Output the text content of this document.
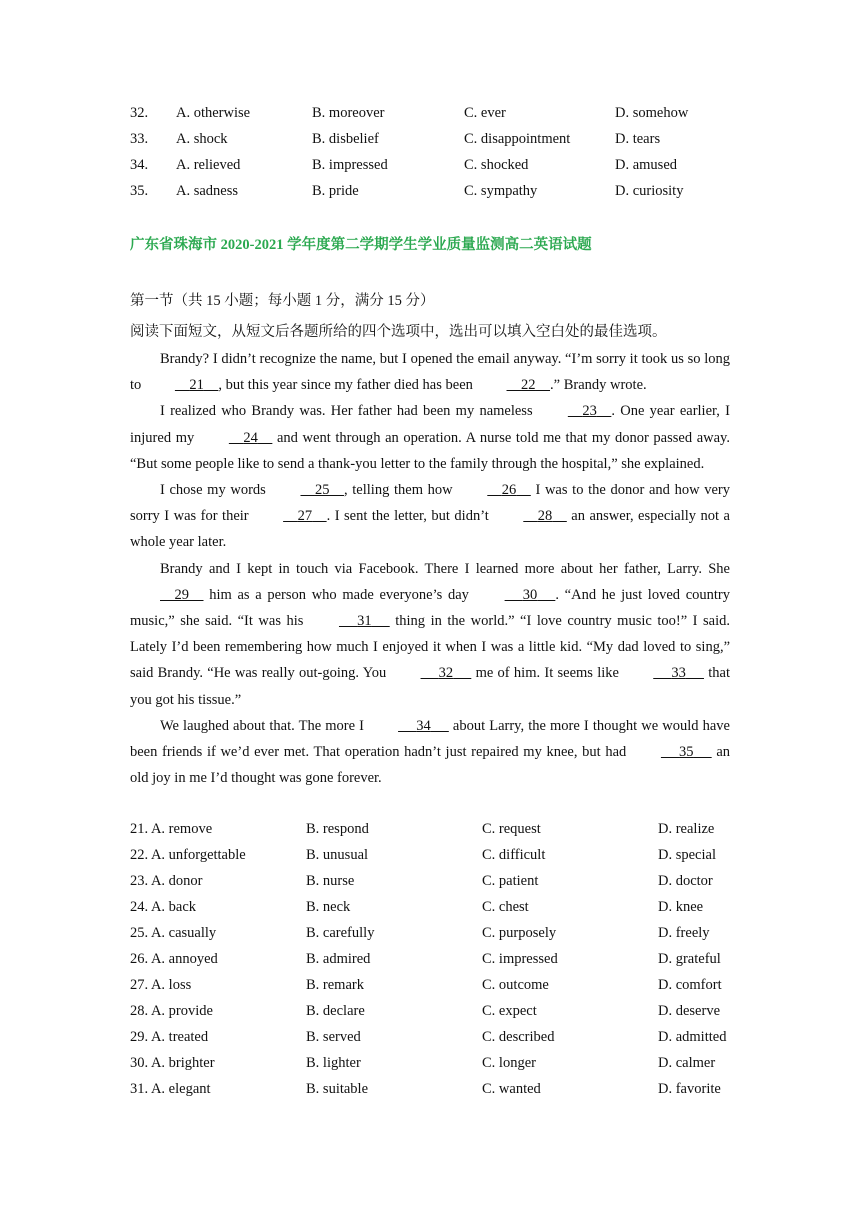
32. A. otherwise	B. moreover	C. ever	D. somehow
33. A. shock	B. disbelief	C. disappointment	D. tears
34. A. relieved	B. impressed	C. shocked	D. amused
35. A. sadness	B. pride	C. sympathy	D. curiosity
广东省珠海市 2020-2021 学年度第二学期学生学业质量监测高二英语试题
第一节（共 15 小题；每小题 1 分，满分 15 分）
阅读下面短文，从短文后各题所给的四个选项中，选出可以填入空白处的最佳选项。

Brandy? I didn’t recognize the name, but I opened the email anyway. “I’m sorry it took us so long to	21 , but this year since my father died has been	22 .” Brandy wrote.

I realized who Brandy was. Her father had been my nameless	23 . One year earlier, I injured my	24     and went through an operation. A nurse told me that my donor passed away. “But some people like to send a thank-you letter to the family through the hospital,” she explained.

I chose my words	25 , telling them how	26     I was to the donor and how very sorry I was for their	27 . I sent the letter, but didn’t	28     an answer, especially not a whole year later.

Brandy and I kept in touch via Facebook. There I learned more about her father, Larry. She     29     him as a person who made everyone’s day	30 . “And he just loved country music,” she said. “It was his	31      thing in the world.” “I love country music too!” I said. Lately I’d been remembering how much I enjoyed it when I was a little kid. “My dad loved to sing,” said Brandy. “He was really out-going. You	32      me of him. It seems like	33      that you got his tissue.”

We laughed about that. The more I	34      about Larry, the more I thought we would have been friends if we’d ever met. That operation hadn’t just repaired my knee, but had	35      an old joy in me I’d thought was gone forever.

21. A. remove	B. respond	C. request	D. realize
22. A. unforgettable	B. unusual	C. difficult	D. special
23. A. donor	B. nurse	C. patient	D. doctor
24. A. back	B. neck	C. chest	D. knee
25. A. casually	B. carefully	C. purposely	D. freely
26. A. annoyed	B. admired	C. impressed	D. grateful
27. A. loss	B. remark	C. outcome	D. comfort
28. A. provide	B. declare	C. expect	D. deserve
29. A. treated	B. served	C. described	D. admitted
30. A. brighter	B. lighter	C. longer	D. calmer
31. A. elegant	B. suitable	C. wanted	D. favorite
